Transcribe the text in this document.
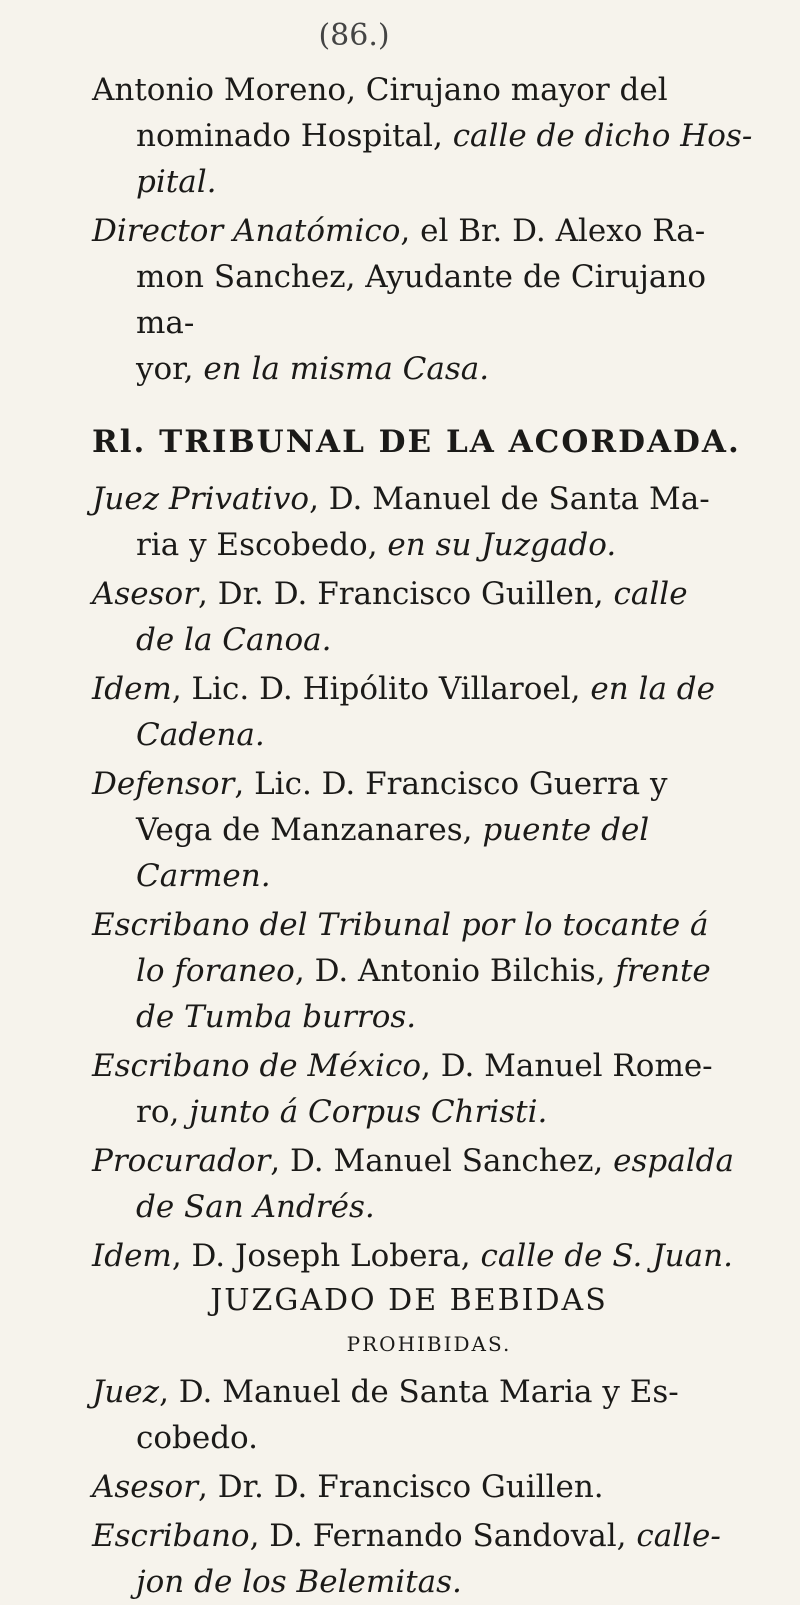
(86.)
Antonio Moreno, Cirujano mayor del
nominado Hospital, calle de dicho Hos-
pital.
Director Anatómico, el Br. D. Alexo Ra-
mon Sanchez, Ayudante de Cirujano ma-
yor, en la misma Casa.
Rl. TRIBUNAL DE LA ACORDADA.
Juez Privativo, D. Manuel de Santa Ma-
ria y Escobedo, en su Juzgado.
Asesor, Dr. D. Francisco Guillen, calle
de la Canoa.
Idem, Lic. D. Hipólito Villaroel, en la de
Cadena.
Defensor, Lic. D. Francisco Guerra y
Vega de Manzanares, puente del Carmen.
Escribano del Tribunal por lo tocante á
lo foraneo, D. Antonio Bilchis, frente
de Tumba burros.
Escribano de México, D. Manuel Rome-
ro, junto á Corpus Christi.
Procurador, D. Manuel Sanchez, espalda
de San Andrés.
Idem, D. Joseph Lobera, calle de S. Juan.
JUZGADO DE BEBIDAS
PROHIBIDAS.
Juez, D. Manuel de Santa Maria y Es-
cobedo.
Asesor, Dr. D. Francisco Guillen.
Escribano, D. Fernando Sandoval, calle-
jon de los Belemitas.
